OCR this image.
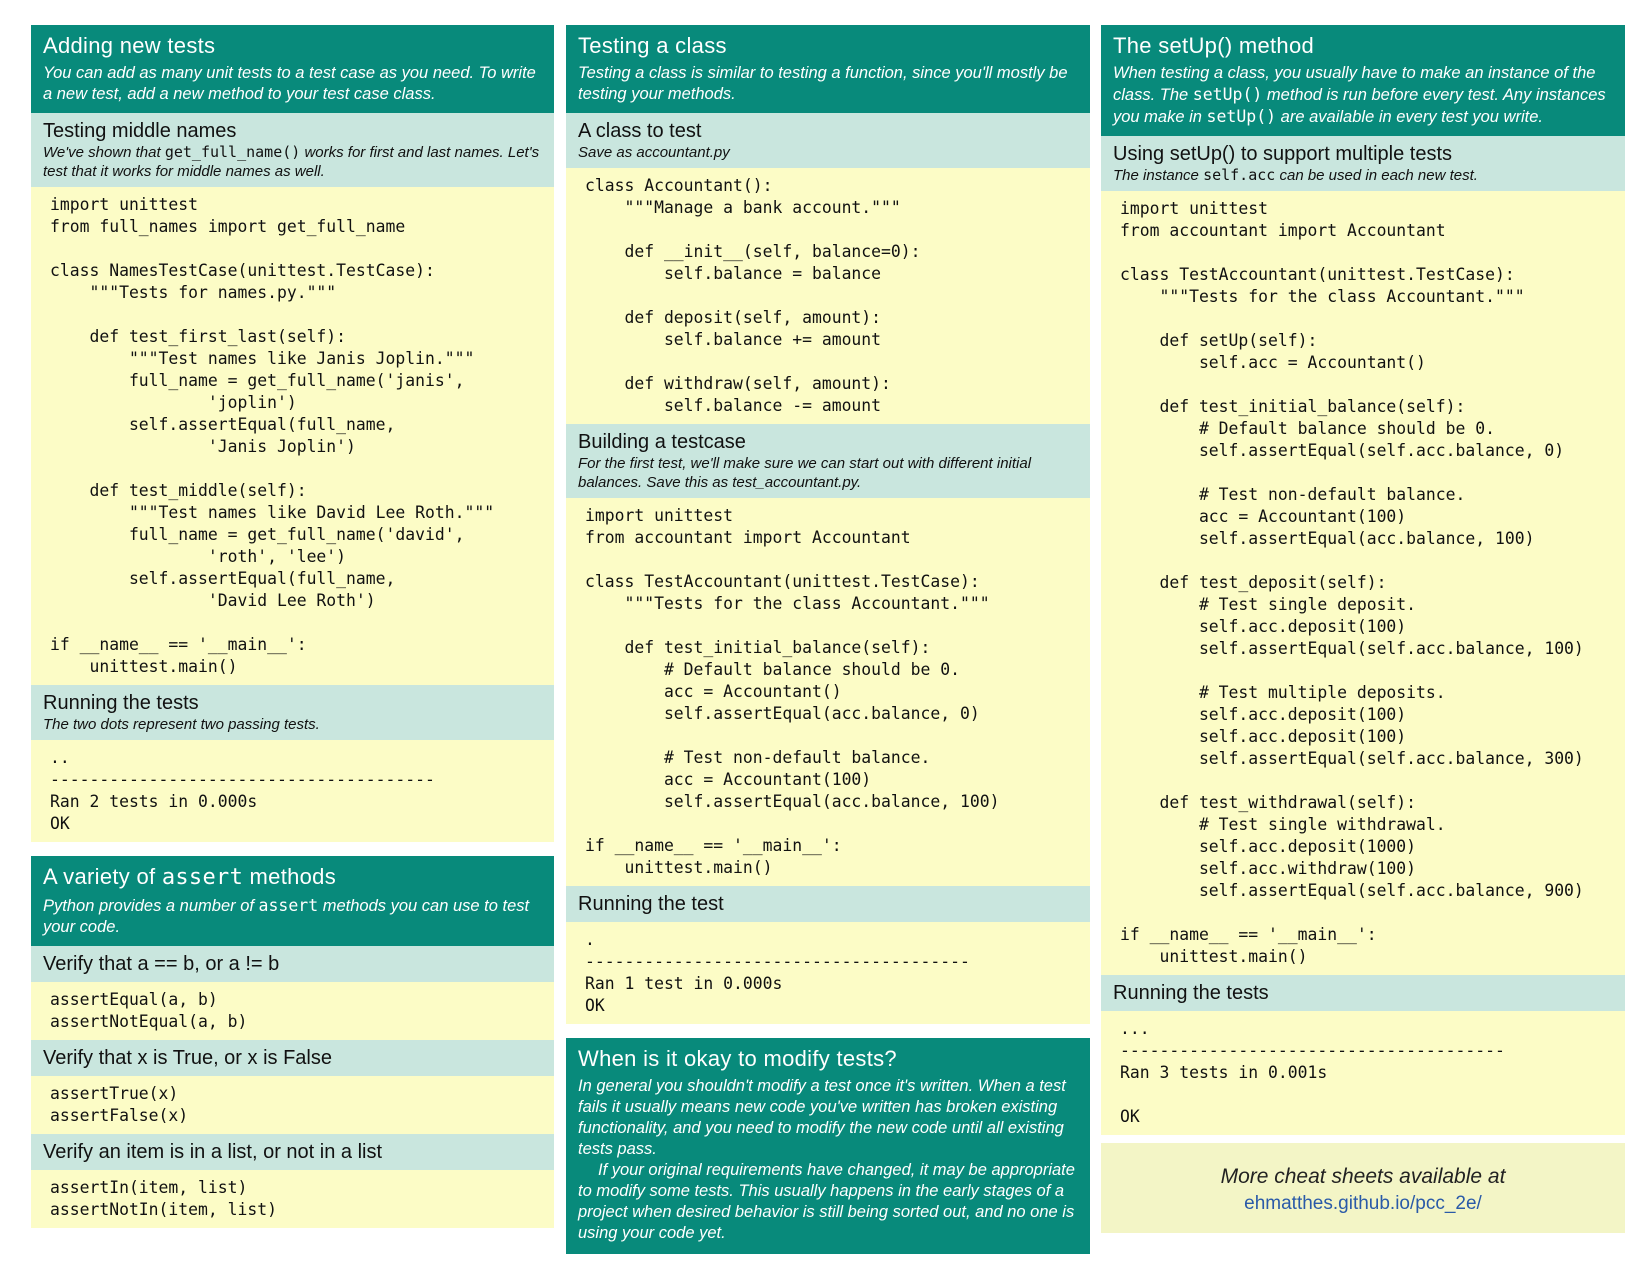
Adding new tests
You can add as many unit tests to a test case as you need. To write a new test, add a new method to your test case class.
Testing middle names
We've shown that get_full_name() works for first and last names. Let's test that it works for middle names as well.
import unittest
from full_names import get_full_name

class NamesTestCase(unittest.TestCase):
"""Tests for names.py."""

def test_first_last(self):
"""Test names like Janis Joplin."""
full_name = get_full_name('janis',
'joplin')
self.assertEqual(full_name,
'Janis Joplin')

def test_middle(self):
"""Test names like David Lee Roth."""
full_name = get_full_name('david',
'roth', 'lee')
self.assertEqual(full_name,
'David Lee Roth')

if __name__ == '__main__':
unittest.main()
Running the tests
The two dots represent two passing tests.
..
---------------------------------------
Ran 2 tests in 0.000s
OK
A variety of assert methods
Python provides a number of assert methods you can use to test your code.
Verify that a == b, or a != b
assertEqual(a, b)
assertNotEqual(a, b)
Verify that x is True, or x is False
assertTrue(x)
assertFalse(x)
Verify an item is in a list, or not in a list
assertIn(item, list)
assertNotIn(item, list)
Testing a class
Testing a class is similar to testing a function, since you'll mostly be testing your methods.
A class to test
Save as accountant.py
class Accountant():
"""Manage a bank account."""

def __init__(self, balance=0):
self.balance = balance

def deposit(self, amount):
self.balance += amount

def withdraw(self, amount):
self.balance -= amount
Building a testcase
For the first test, we'll make sure we can start out with different initial balances. Save this as test_accountant.py.
import unittest
from accountant import Accountant

class TestAccountant(unittest.TestCase):
"""Tests for the class Accountant."""

def test_initial_balance(self):
# Default balance should be 0.
acc = Accountant()
self.assertEqual(acc.balance, 0)

# Test non-default balance.
acc = Accountant(100)
self.assertEqual(acc.balance, 100)

if __name__ == '__main__':
unittest.main()
Running the test
.
---------------------------------------
Ran 1 test in 0.000s
OK
When is it okay to modify tests?
In general you shouldn't modify a test once it's written. When a test fails it usually means new code you've written has broken existing functionality, and you need to modify the new code until all existing tests pass.
If your original requirements have changed, it may be appropriate to modify some tests. This usually happens in the early stages of a project when desired behavior is still being sorted out, and no one is using your code yet.
The setUp() method
When testing a class, you usually have to make an instance of the class. The setUp() method is run before every test. Any instances you make in setUp() are available in every test you write.
Using setUp() to support multiple tests
The instance self.acc can be used in each new test.
import unittest
from accountant import Accountant

class TestAccountant(unittest.TestCase):
"""Tests for the class Accountant."""

def setUp(self):
self.acc = Accountant()

def test_initial_balance(self):
# Default balance should be 0.
self.assertEqual(self.acc.balance, 0)

# Test non-default balance.
acc = Accountant(100)
self.assertEqual(acc.balance, 100)

def test_deposit(self):
# Test single deposit.
self.acc.deposit(100)
self.assertEqual(self.acc.balance, 100)

# Test multiple deposits.
self.acc.deposit(100)
self.acc.deposit(100)
self.assertEqual(self.acc.balance, 300)

def test_withdrawal(self):
# Test single withdrawal.
self.acc.deposit(1000)
self.acc.withdraw(100)
self.assertEqual(self.acc.balance, 900)

if __name__ == '__main__':
unittest.main()
Running the tests
...
---------------------------------------
Ran 3 tests in 0.001s

OK
More cheat sheets available at
ehmatthes.github.io/pcc_2e/
